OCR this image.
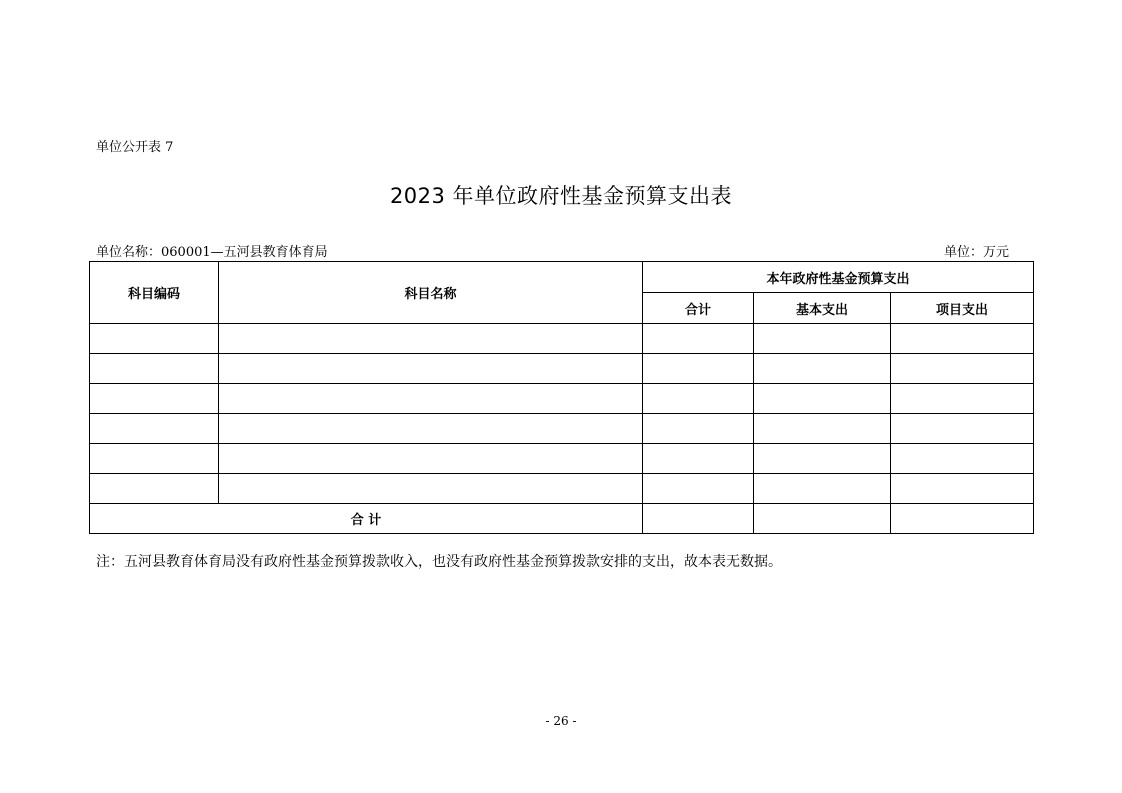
单位公开表 7
2023 年单位政府性基金预算支出表
单位名称：060001—五河县教育体育局	单位：万元
科目编码	科目名称	本年政府性基金预算支出		
		合计	基本支出	项目支出

合 计				
注：五河县教育体育局没有政府性基金预算拨款收入，也没有政府性基金预算拨款安排的支出，故本表无数据。
- 26 -
